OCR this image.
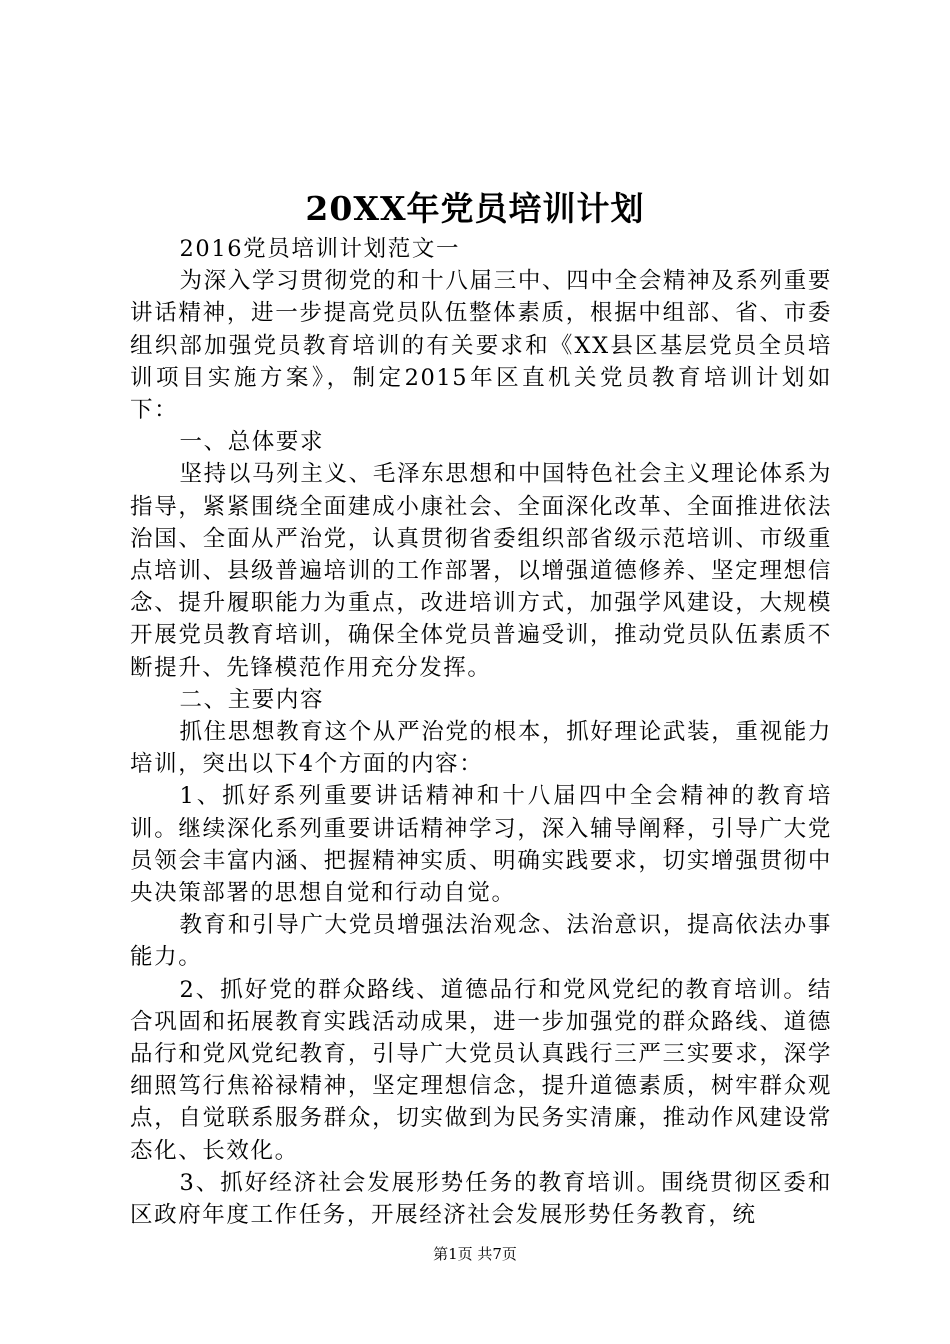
20XX年党员培训计划

2016党员培训计划范文一

为深入学习贯彻党的和十八届三中、四中全会精神及系列重要讲话精神，进一步提高党员队伍整体素质，根据中组部、省、市委组织部加强党员教育培训的有关要求和《XX县区基层党员全员培训项目实施方案》，制定2015年区直机关党员教育培训计划如下：

一、总体要求

坚持以马列主义、毛泽东思想和中国特色社会主义理论体系为指导，紧紧围绕全面建成小康社会、全面深化改革、全面推进依法治国、全面从严治党，认真贯彻省委组织部省级示范培训、市级重点培训、县级普遍培训的工作部署，以增强道德修养、坚定理想信念、提升履职能力为重点，改进培训方式，加强学风建设，大规模开展党员教育培训，确保全体党员普遍受训，推动党员队伍素质不断提升、先锋模范作用充分发挥。

二、主要内容

抓住思想教育这个从严治党的根本，抓好理论武装，重视能力培训，突出以下4个方面的内容：

1、抓好系列重要讲话精神和十八届四中全会精神的教育培训。继续深化系列重要讲话精神学习，深入辅导阐释，引导广大党员领会丰富内涵、把握精神实质、明确实践要求，切实增强贯彻中央决策部署的思想自觉和行动自觉。

教育和引导广大党员增强法治观念、法治意识，提高依法办事能力。

2、抓好党的群众路线、道德品行和党风党纪的教育培训。结合巩固和拓展教育实践活动成果，进一步加强党的群众路线、道德品行和党风党纪教育，引导广大党员认真践行三严三实要求，深学细照笃行焦裕禄精神，坚定理想信念，提升道德素质，树牢群众观点，自觉联系服务群众，切实做到为民务实清廉，推动作风建设常态化、长效化。

3、抓好经济社会发展形势任务的教育培训。围绕贯彻区委和区政府年度工作任务，开展经济社会发展形势任务教育，统

第1页 共7页
